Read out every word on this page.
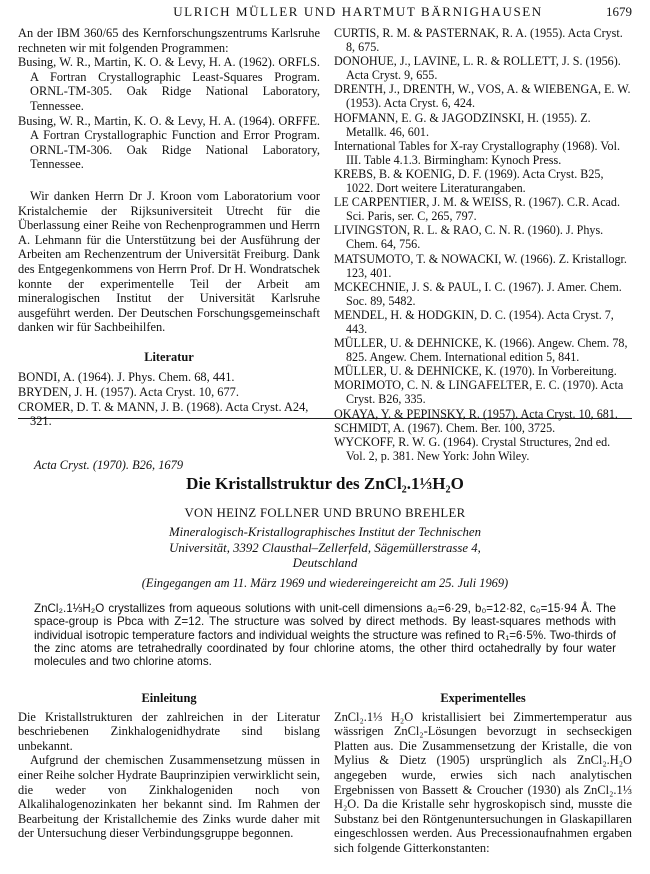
ULRICH MÜLLER UND HARTMUT BÄRNIGHAUSEN	1679

An der IBM 360/65 des Kernforschungszentrums Karlsruhe rechneten wir mit folgenden Programmen:

Busing, W. R., Martin, K. O. & Levy, H. A. (1962). ORFLS. A Fortran Crystallographic Least-Squares Program. ORNL-TM-305. Oak Ridge National Laboratory, Tennessee.

Busing, W. R., Martin, K. O. & Levy, H. A. (1964). ORFFE. A Fortran Crystallographic Function and Error Program. ORNL-TM-306. Oak Ridge National Laboratory, Tennessee.

Wir danken Herrn Dr J. Kroon vom Laboratorium voor Kristalchemie der Rijksuniversiteit Utrecht für die Überlassung einer Reihe von Rechenprogrammen und Herrn A. Lehmann für die Unterstützung bei der Ausführung der Arbeiten am Rechenzentrum der Universität Freiburg. Dank des Entgegenkommens von Herrn Prof. Dr H. Wondratschek konnte der experimentelle Teil der Arbeit am mineralogischen Institut der Universität Karlsruhe ausgeführt werden. Der Deutschen Forschungsgemeinschaft danken wir für Sachbeihilfen.

Literatur

BONDI, A. (1964). J. Phys. Chem. 68, 441.

BRYDEN, J. H. (1957). Acta Cryst. 10, 677.

CROMER, D. T. & MANN, J. B. (1968). Acta Cryst. A24, 321.

CURTIS, R. M. & PASTERNAK, R. A. (1955). Acta Cryst. 8, 675.

DONOHUE, J., LAVINE, L. R. & ROLLETT, J. S. (1956). Acta Cryst. 9, 655.

DRENTH, J., DRENTH, W., VOS, A. & WIEBENGA, E. W. (1953). Acta Cryst. 6, 424.

HOFMANN, E. G. & JAGODZINSKI, H. (1955). Z. Metallk. 46, 601.

International Tables for X-ray Crystallography (1968). Vol. III. Table 4.1.3. Birmingham: Kynoch Press.

KREBS, B. & KOENIG, D. F. (1969). Acta Cryst. B25, 1022. Dort weitere Literaturangaben.

LE CARPENTIER, J. M. & WEISS, R. (1967). C.R. Acad. Sci. Paris, ser. C, 265, 797.

LIVINGSTON, R. L. & RAO, C. N. R. (1960). J. Phys. Chem. 64, 756.

MATSUMOTO, T. & NOWACKI, W. (1966). Z. Kristallogr. 123, 401.

MCKECHNIE, J. S. & PAUL, I. C. (1967). J. Amer. Chem. Soc. 89, 5482.

MENDEL, H. & HODGKIN, D. C. (1954). Acta Cryst. 7, 443.

MÜLLER, U. & DEHNICKE, K. (1966). Angew. Chem. 78, 825. Angew. Chem. International edition 5, 841.

MÜLLER, U. & DEHNICKE, K. (1970). In Vorbereitung.

MORIMOTO, C. N. & LINGAFELTER, E. C. (1970). Acta Cryst. B26, 335.

OKAYA, Y. & PEPINSKY, R. (1957). Acta Cryst. 10, 681.

SCHMIDT, A. (1967). Chem. Ber. 100, 3725.

WYCKOFF, R. W. G. (1964). Crystal Structures, 2nd ed. Vol. 2, p. 381. New York: John Wiley.

Acta Cryst. (1970). B26, 1679
Die Kristallstruktur des ZnCl₂.1⅓H₂O
VON HEINZ FOLLNER UND BRUNO BREHLER
Mineralogisch-Kristallographisches Institut der Technischen Universität, 3392 Clausthal–Zellerfeld, Sägemüllerstrasse 4, Deutschland
(Eingegangen am 11. März 1969 und wiedereingereicht am 25. Juli 1969)
ZnCl₂.1⅓H₂O crystallizes from aqueous solutions with unit-cell dimensions a₀=6·29, b₀=12·82, c₀=15·94 Å. The space-group is Pbca with Z=12. The structure was solved by direct methods. By least-squares methods with individual isotropic temperature factors and individual weights the structure was refined to R₁=6·5%. Two-thirds of the zinc atoms are tetrahedrally coordinated by four chlorine atoms, the other third octahedrally by four water molecules and two chlorine atoms.

Einleitung

Die Kristallstrukturen der zahlreichen in der Literatur beschriebenen Zinkhalogenidhydrate sind bislang unbekannt.

Aufgrund der chemischen Zusammensetzung müssen in einer Reihe solcher Hydrate Bauprinzipien verwirklicht sein, die weder von Zinkhalogeniden noch von Alkalihalogenozinkaten her bekannt sind. Im Rahmen der Bearbeitung der Kristallchemie des Zinks wurde daher mit der Untersuchung dieser Verbindungsgruppe begonnen.

Experimentelles

ZnCl₂.1⅓ H₂O kristallisiert bei Zimmertemperatur aus wässrigen ZnCl₂-Lösungen bevorzugt in sechseckigen Platten aus. Die Zusammensetzung der Kristalle, die von Mylius & Dietz (1905) ursprünglich als ZnCl₂.H₂O angegeben wurde, erwies sich nach analytischen Ergebnissen von Bassett & Croucher (1930) als ZnCl₂.1⅓ H₂O. Da die Kristalle sehr hygroskopisch sind, musste die Substanz bei den Röntgenuntersuchungen in Glaskapillaren eingeschlossen werden. Aus Precessionaufnahmen ergaben sich folgende Gitterkonstanten:
